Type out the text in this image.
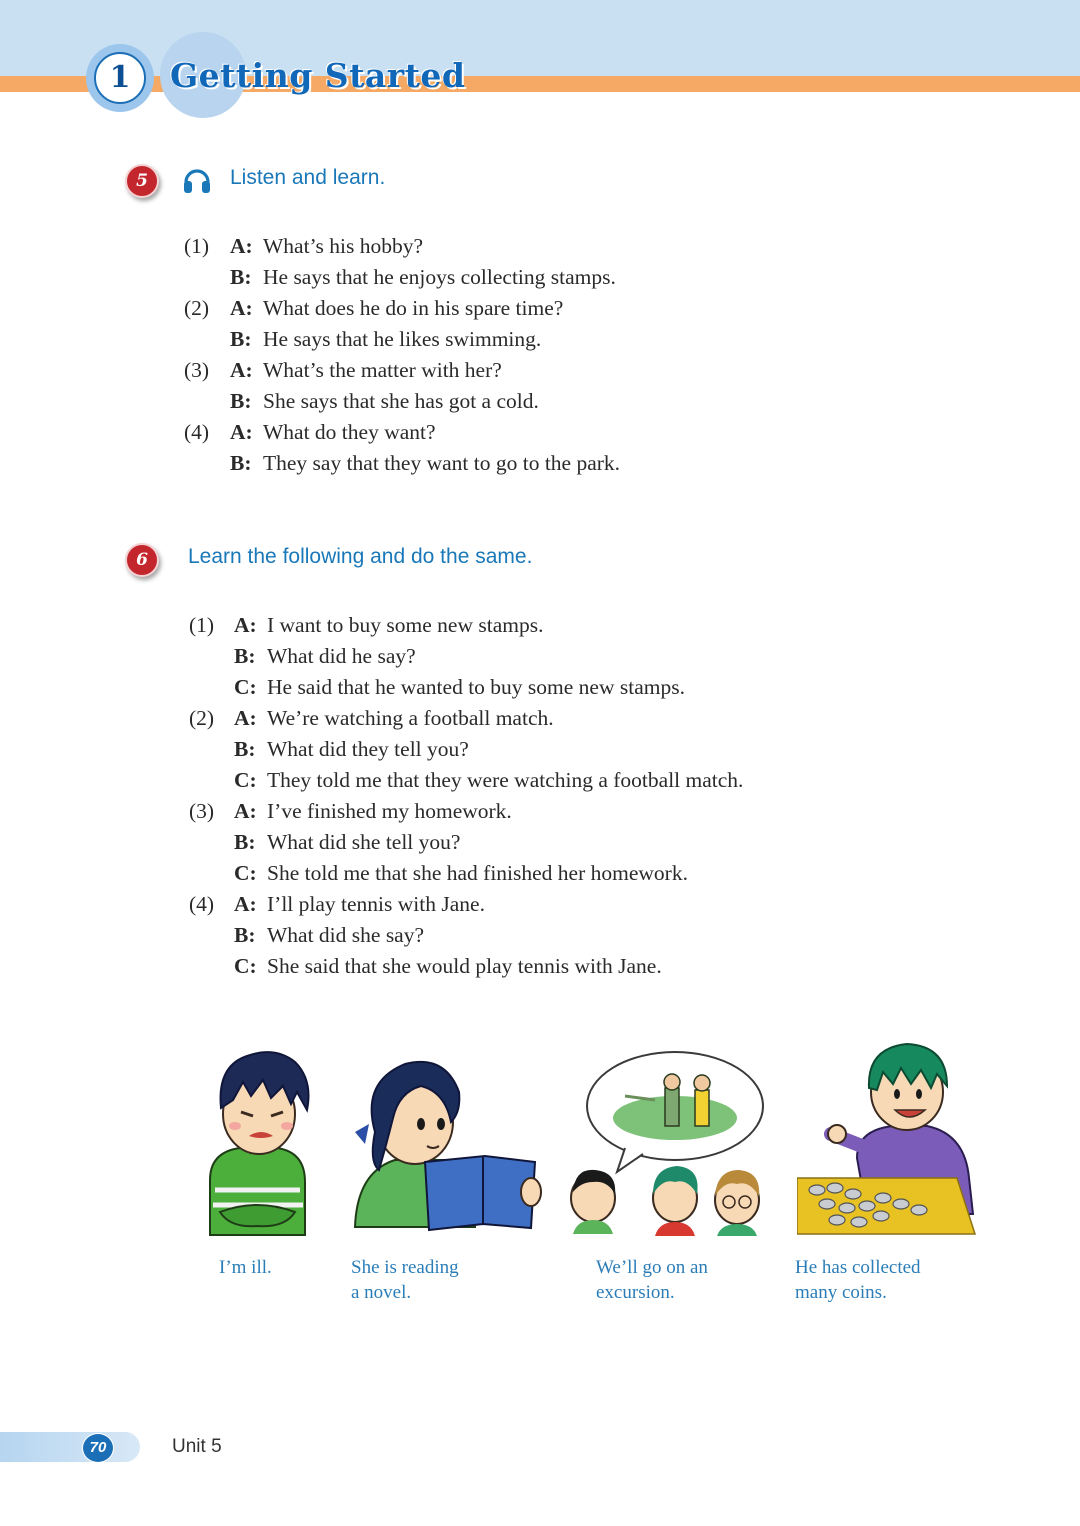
1	Getting Started
5	Listen and learn.
(1) A: What’s his hobby?
B: He says that he enjoys collecting stamps.
(2) A: What does he do in his spare time?
B: He says that he likes swimming.
(3) A: What’s the matter with her?
B: She says that she has got a cold.
(4) A: What do they want?
B: They say that they want to go to the park.
6	Learn the following and do the same.
(1) A: I want to buy some new stamps.
B: What did he say?
C: He said that he wanted to buy some new stamps.
(2) A: We’re watching a football match.
B: What did they tell you?
C: They told me that they were watching a football match.
(3) A: I’ve finished my homework.
B: What did she tell you?
C: She told me that she had finished her homework.
(4) A: I’ll play tennis with Jane.
B: What did she say?
C: She said that she would play tennis with Jane.
I’m ill.	She is reading
a novel.
We’ll go on an
excursion.
He has collected
many coins.
70	Unit 5
